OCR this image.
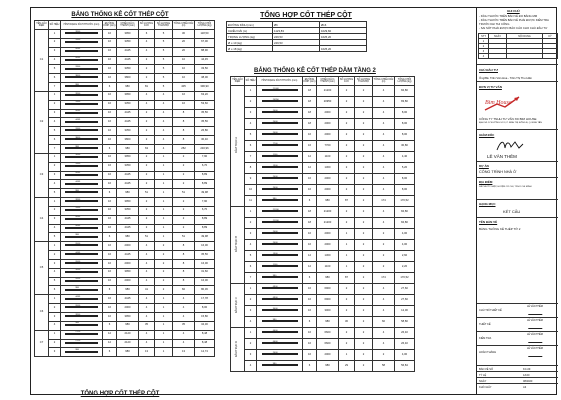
BẢNG THỐNG KÊ CỐT THÉP CỘT
TÊN CẤU KIỆN	SỐ HIỆU	HÌNH DẠNG KÍCH THƯỚC (mm)	ĐƯỜNG KÍNH (mm)	CHIỀU DÀI 1 THANH (mm)	SỐ LƯỢNG 1CK	SỐ LƯỢNG TOÀN BỘ	TỔNG CHIỀU DÀI (m)	TỔNG KHỐI LƯỢNG (kg)	
C1	1	3950	16	3950	6	5	30	118,50	
	2	3350	16	3350	4	5	20	67,00	
	3	4445	16	4445	4	5	20	88,90	
	4	4445	16	4445	2	5	10	44,45	
	5	3350	16	3350	2	5	10	33,50	
	6	3800	16	3800	2	5	10	38,00	
	7	980	6	980	81	5	405	396,90	
C2	1	3950	16	3950	4	4	16	63,20	
	2	3350	16	3350	4	4	16	53,60	
	3	4445	16	4445	2	4	8	35,56	
	4	4445	16	4445	2	4	8	35,56	
	5	3350	16	3350	2	4	8	26,80	
	6	3800	16	3800	2	4	8	30,40	
	7	980	6	980	63	4	252	246,96	
C3	1	3950	16	3950	2	1	2	7,90	
	2	3350	16	3350	2	1	2	6,70	
	3	4445	16	4445	2	1	2	8,89	
	4	4445	16	4445	2	1	2	8,89	
	5	980	6	980	51	1	51	49,98	
C4	1	3950	16	3950	2	1	2	7,90	
	2	3350	16	3350	2	1	2	6,70	
	3	4445	16	4445	2	1	2	8,89	
	4	4445	16	4445	2	1	2	8,89	
	5	980	6	980	51	1	51	49,98	
C5	1	2000	16	2000	4	2	8	16,00	
	2	4445	16	4445	4	2	8	35,56	
	3	2000	16	2000	4	2	8	16,00	
	4	3950	16	3950	4	2	8	31,60	
	5	2000	16	2000	4	2	8	16,00	
	6	980	6	980	41	2	82	80,36	
C6	1	4445	16	4445	4	1	4	17,78	
	2	2000	16	2000	4	1	4	8,00	
	3	3950	16	3950	4	1	4	15,80	
	4	980	6	980	35	1	35	34,30	
C7	1	2120	12	2120	4	1	4	8,48	
	2	2120	12	2120	4	1	4	8,48	
	3	980	6	980	13	1	13	12,74	
TỔNG HỢP CỐT THÉP CỘT
TỔNG HỢP CỐT THÉP CỘT
ĐƯỜNG KÍNH (mm)	Ø6	Ø16
CHIỀU DÀI (m)	1123,83	1029,82
TRỌNG LƯỢNG (kg)	249,53	1625,20
Ø ≤ 10 (kg)	249,53	
Ø ≤ 18 (kg)		1625,20
BẢNG THỐNG KÊ CỐT THÉP DẦM TẦNG 2
TÊN CẤU KIỆN	SỐ HIỆU	HÌNH DẠNG KÍCH THƯỚC (mm)	ĐƯỜNG KÍNH (mm)	CHIỀU DÀI 1 THANH (mm)	SỐ LƯỢNG 1CK	SỐ LƯỢNG TOÀN BỘ	TỔNG CHIỀU DÀI (m)	TỔNG KHỐI LƯỢNG (kg)	
DẦM TRỤC A	1	21000	18	21200	2	2	4	84,80	
	2	20950	18	20950	2	2	4	83,80	
	3	2000	18	2000	2	2	4	8,00	
	4	2000	18	2000	2	2	4	8,00	
	5	2000	16	2000	2	2	4	8,00	
	6	7700	16	7700	2	2	4	30,80	
	7	1100	12	1100	2	2	4	4,40	
	8	1300	12	1300	2	2	4	5,20	
	9	2000	16	2000	2	2	4	8,00	
	10	2000	16	2000	2	2	4	8,00	
	11	980	6	980	87	2	174	170,52	
DẦM TRỤC B	1	21200	18	21200	2	2	4	84,80	
	2	21200	18	21200	2	2	4	84,80	
	3	2000	16	2000	1	2	2	4,00	
	4	2000	16	2000	1	2	2	4,00	
	5	1300	12	1300	1	2	2	2,60	
	6	1100	12	1100	1	2	2	2,20	
	7	980	6	980	87	2	174	170,52	
DẦM TRỤC C	1	6900	16	6900	2	2	4	27,60	
	2	6900	16	6900	2	2	4	27,60	
	3	3000	16	3000	2	2	4	12,00	
	4	980	6	980	30	2	60	58,80	
DẦM TRỤC D	1	6600	16	6600	2	2	4	26,40	
	2	6600	16	6600	2	2	4	26,40	
	3	2000	16	2000	1	2	2	4,00	
	4	980	6	980	29	2	58	56,84	
GHI CHÚ
- KÍCH THƯỚC TRÊN BẢN VẼ ĐO BẰNG MM
- KÍCH THƯỚC TRÊN BẢN VẼ PHẢI ĐƯỢC KIỂM TRA
TRƯỚC KHI THI CÔNG
- SAI SÓT PHẢI ĐƯỢC BÁO CÁO CHO CHỦ ĐẦU TƯ
STT	NGÀY	NỘI DUNG	KÝ
1			
2			
3			
4			
CHỦ ĐẦU TƯ
Ông/Bà: Trần Văn Hòa - Trần Thị Thu Hiền
ĐƠN VỊ TƯ VẤN
Bim House
CÔNG TY TNHH TƯ VẤN XD BIM HOUSE
ĐỊA CHỈ: 57 ĐƯỜNG SỐ 3, P. BÌNH TRỊ ĐÔNG B, Q. BÌNH TÂN
GIÁM ĐỐC
LÊ VĂN THÊM
DỰ ÁN
CÔNG TRÌNH NHÀ Ở
ĐỊA ĐIỂM
XÃ PHƯỚC HIỆP, HUYỆN CỦ CHI, TP.HỒ CHÍ MINH
HẠNG MỤC
KẾT CẤU
TÊN BẢN VẼ
BẢNG THỐNG KÊ THÉP TỜ 2
CHỦ TRÌ THIẾT KẾ
LÊ VĂN THÊM
THIẾT KẾ
LÊ VĂN THÊM
KIỂM TRA
LÊ VĂN THÊM
HOÀN THÀNH
LÊ VĂN THÊM
BẢN VẼ SỐ	KC-09
TỶ LỆ	1/100
NGÀY	08/2020
KHỔ GIẤY	A3
